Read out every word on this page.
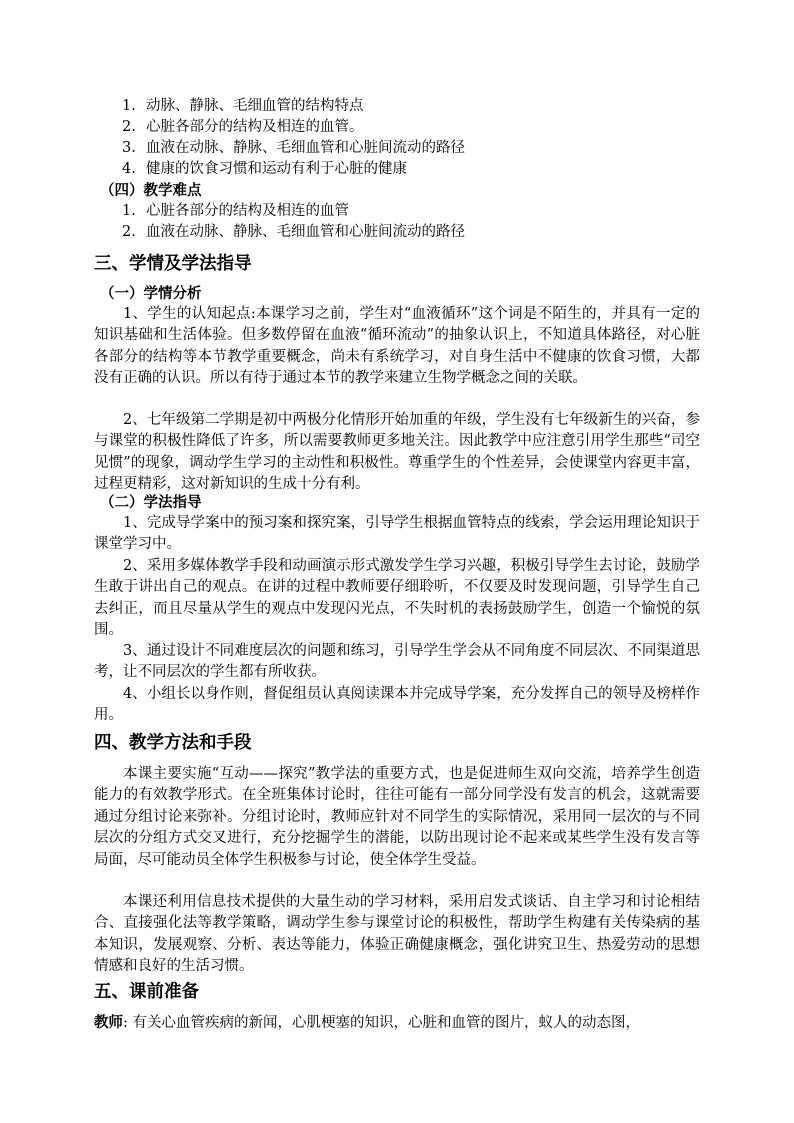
1. 动脉、静脉、毛细血管的结构特点
2. 心脏各部分的结构及相连的血管。
3. 血液在动脉、静脉、毛细血管和心脏间流动的路径
4. 健康的饮食习惯和运动有利于心脏的健康
（四）教学难点
1. 心脏各部分的结构及相连的血管
2. 血液在动脉、静脉、毛细血管和心脏间流动的路径
三、学情及学法指导
（一）学情分析
1、学生的认知起点:本课学习之前，学生对“血液循环”这个词是不陌生的，并具有一定的知识基础和生活体验。但多数停留在血液“循环流动”的抽象认识上，不知道具体路径，对心脏各部分的结构等本节教学重要概念，尚未有系统学习，对自身生活中不健康的饮食习惯，大都没有正确的认识。所以有待于通过本节的教学来建立生物学概念之间的关联。
2、七年级第二学期是初中两极分化情形开始加重的年级，学生没有七年级新生的兴奋，参与课堂的积极性降低了许多，所以需要教师更多地关注。因此教学中应注意引用学生那些“司空见惯”的现象，调动学生学习的主动性和积极性。尊重学生的个性差异，会使课堂内容更丰富，过程更精彩，这对新知识的生成十分有利。
（二）学法指导
1、完成导学案中的预习案和探究案，引导学生根据血管特点的线索，学会运用理论知识于课堂学习中。
2、采用多媒体教学手段和动画演示形式激发学生学习兴趣，积极引导学生去讨论，鼓励学生敢于讲出自己的观点。在讲的过程中教师要仔细聆听，不仅要及时发现问题，引导学生自己去纠正，而且尽量从学生的观点中发现闪光点，不失时机的表扬鼓励学生，创造一个愉悦的氛围。
3、通过设计不同难度层次的问题和练习，引导学生学会从不同角度不同层次、不同渠道思考，让不同层次的学生都有所收获。
4、小组长以身作则，督促组员认真阅读课本并完成导学案，充分发挥自己的领导及榜样作用。
四、教学方法和手段
本课主要实施“互动——探究”教学法的重要方式，也是促进师生双向交流，培养学生创造能力的有效教学形式。在全班集体讨论时，往往可能有一部分同学没有发言的机会，这就需要通过分组讨论来弥补。分组讨论时，教师应针对不同学生的实际情况，采用同一层次的与不同层次的分组方式交叉进行，充分挖掘学生的潜能，以防出现讨论不起来或某些学生没有发言等局面，尽可能动员全体学生积极参与讨论，使全体学生受益。
本课还利用信息技术提供的大量生动的学习材料，采用启发式谈话、自主学习和讨论相结合、直接强化法等教学策略，调动学生参与课堂讨论的积极性，帮助学生构建有关传染病的基本知识，发展观察、分析、表达等能力，体验正确健康概念，强化讲究卫生、热爱劳动的思想情感和良好的生活习惯。
五、课前准备
教师: 有关心血管疾病的新闻，心肌梗塞的知识，心脏和血管的图片，蚁人的动态图，
